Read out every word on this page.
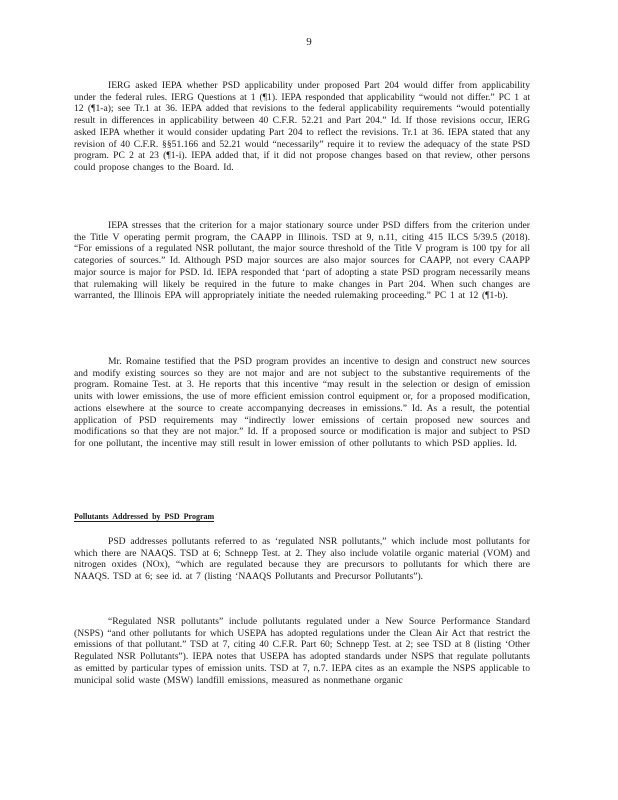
9

IERG asked IEPA whether PSD applicability under proposed Part 204 would differ from applicability under the federal rules. IERG Questions at 1 (¶1). IEPA responded that applicability “would not differ.” PC 1 at 12 (¶1-a); see Tr.1 at 36. IEPA added that revisions to the federal applicability requirements “would potentially result in differences in applicability between 40 C.F.R. 52.21 and Part 204.” Id. If those revisions occur, IERG asked IEPA whether it would consider updating Part 204 to reflect the revisions. Tr.1 at 36. IEPA stated that any revision of 40 C.F.R. §§51.166 and 52.21 would “necessarily” require it to review the adequacy of the state PSD program. PC 2 at 23 (¶1-i). IEPA added that, if it did not propose changes based on that review, other persons could propose changes to the Board. Id.

IEPA stresses that the criterion for a major stationary source under PSD differs from the criterion under the Title V operating permit program, the CAAPP in Illinois. TSD at 9, n.11, citing 415 ILCS 5/39.5 (2018). “For emissions of a regulated NSR pollutant, the major source threshold of the Title V program is 100 tpy for all categories of sources.” Id. Although PSD major sources are also major sources for CAAPP, not every CAAPP major source is major for PSD. Id. IEPA responded that ‘part of adopting a state PSD program necessarily means that rulemaking will likely be required in the future to make changes in Part 204. When such changes are warranted, the Illinois EPA will appropriately initiate the needed rulemaking proceeding.” PC 1 at 12 (¶1-b).

Mr. Romaine testified that the PSD program provides an incentive to design and construct new sources and modify existing sources so they are not major and are not subject to the substantive requirements of the program. Romaine Test. at 3. He reports that this incentive “may result in the selection or design of emission units with lower emissions, the use of more efficient emission control equipment or, for a proposed modification, actions elsewhere at the source to create accompanying decreases in emissions.” Id. As a result, the potential application of PSD requirements may “indirectly lower emissions of certain proposed new sources and modifications so that they are not major.” Id. If a proposed source or modification is major and subject to PSD for one pollutant, the incentive may still result in lower emission of other pollutants to which PSD applies. Id.

Pollutants Addressed by PSD Program

PSD addresses pollutants referred to as ‘regulated NSR pollutants,” which include most pollutants for which there are NAAQS. TSD at 6; Schnepp Test. at 2. They also include volatile organic material (VOM) and nitrogen oxides (NOx), “which are regulated because they are precursors to pollutants for which there are NAAQS. TSD at 6; see id. at 7 (listing ‘NAAQS Pollutants and Precursor Pollutants”).

“Regulated NSR pollutants” include pollutants regulated under a New Source Performance Standard (NSPS) “and other pollutants for which USEPA has adopted regulations under the Clean Air Act that restrict the emissions of that pollutant.” TSD at 7, citing 40 C.F.R. Part 60; Schnepp Test. at 2; see TSD at 8 (listing ‘Other Regulated NSR Pollutants”). IEPA notes that USEPA has adopted standards under NSPS that regulate pollutants as emitted by particular types of emission units. TSD at 7, n.7. IEPA cites as an example the NSPS applicable to municipal solid waste (MSW) landfill emissions, measured as nonmethane organic
